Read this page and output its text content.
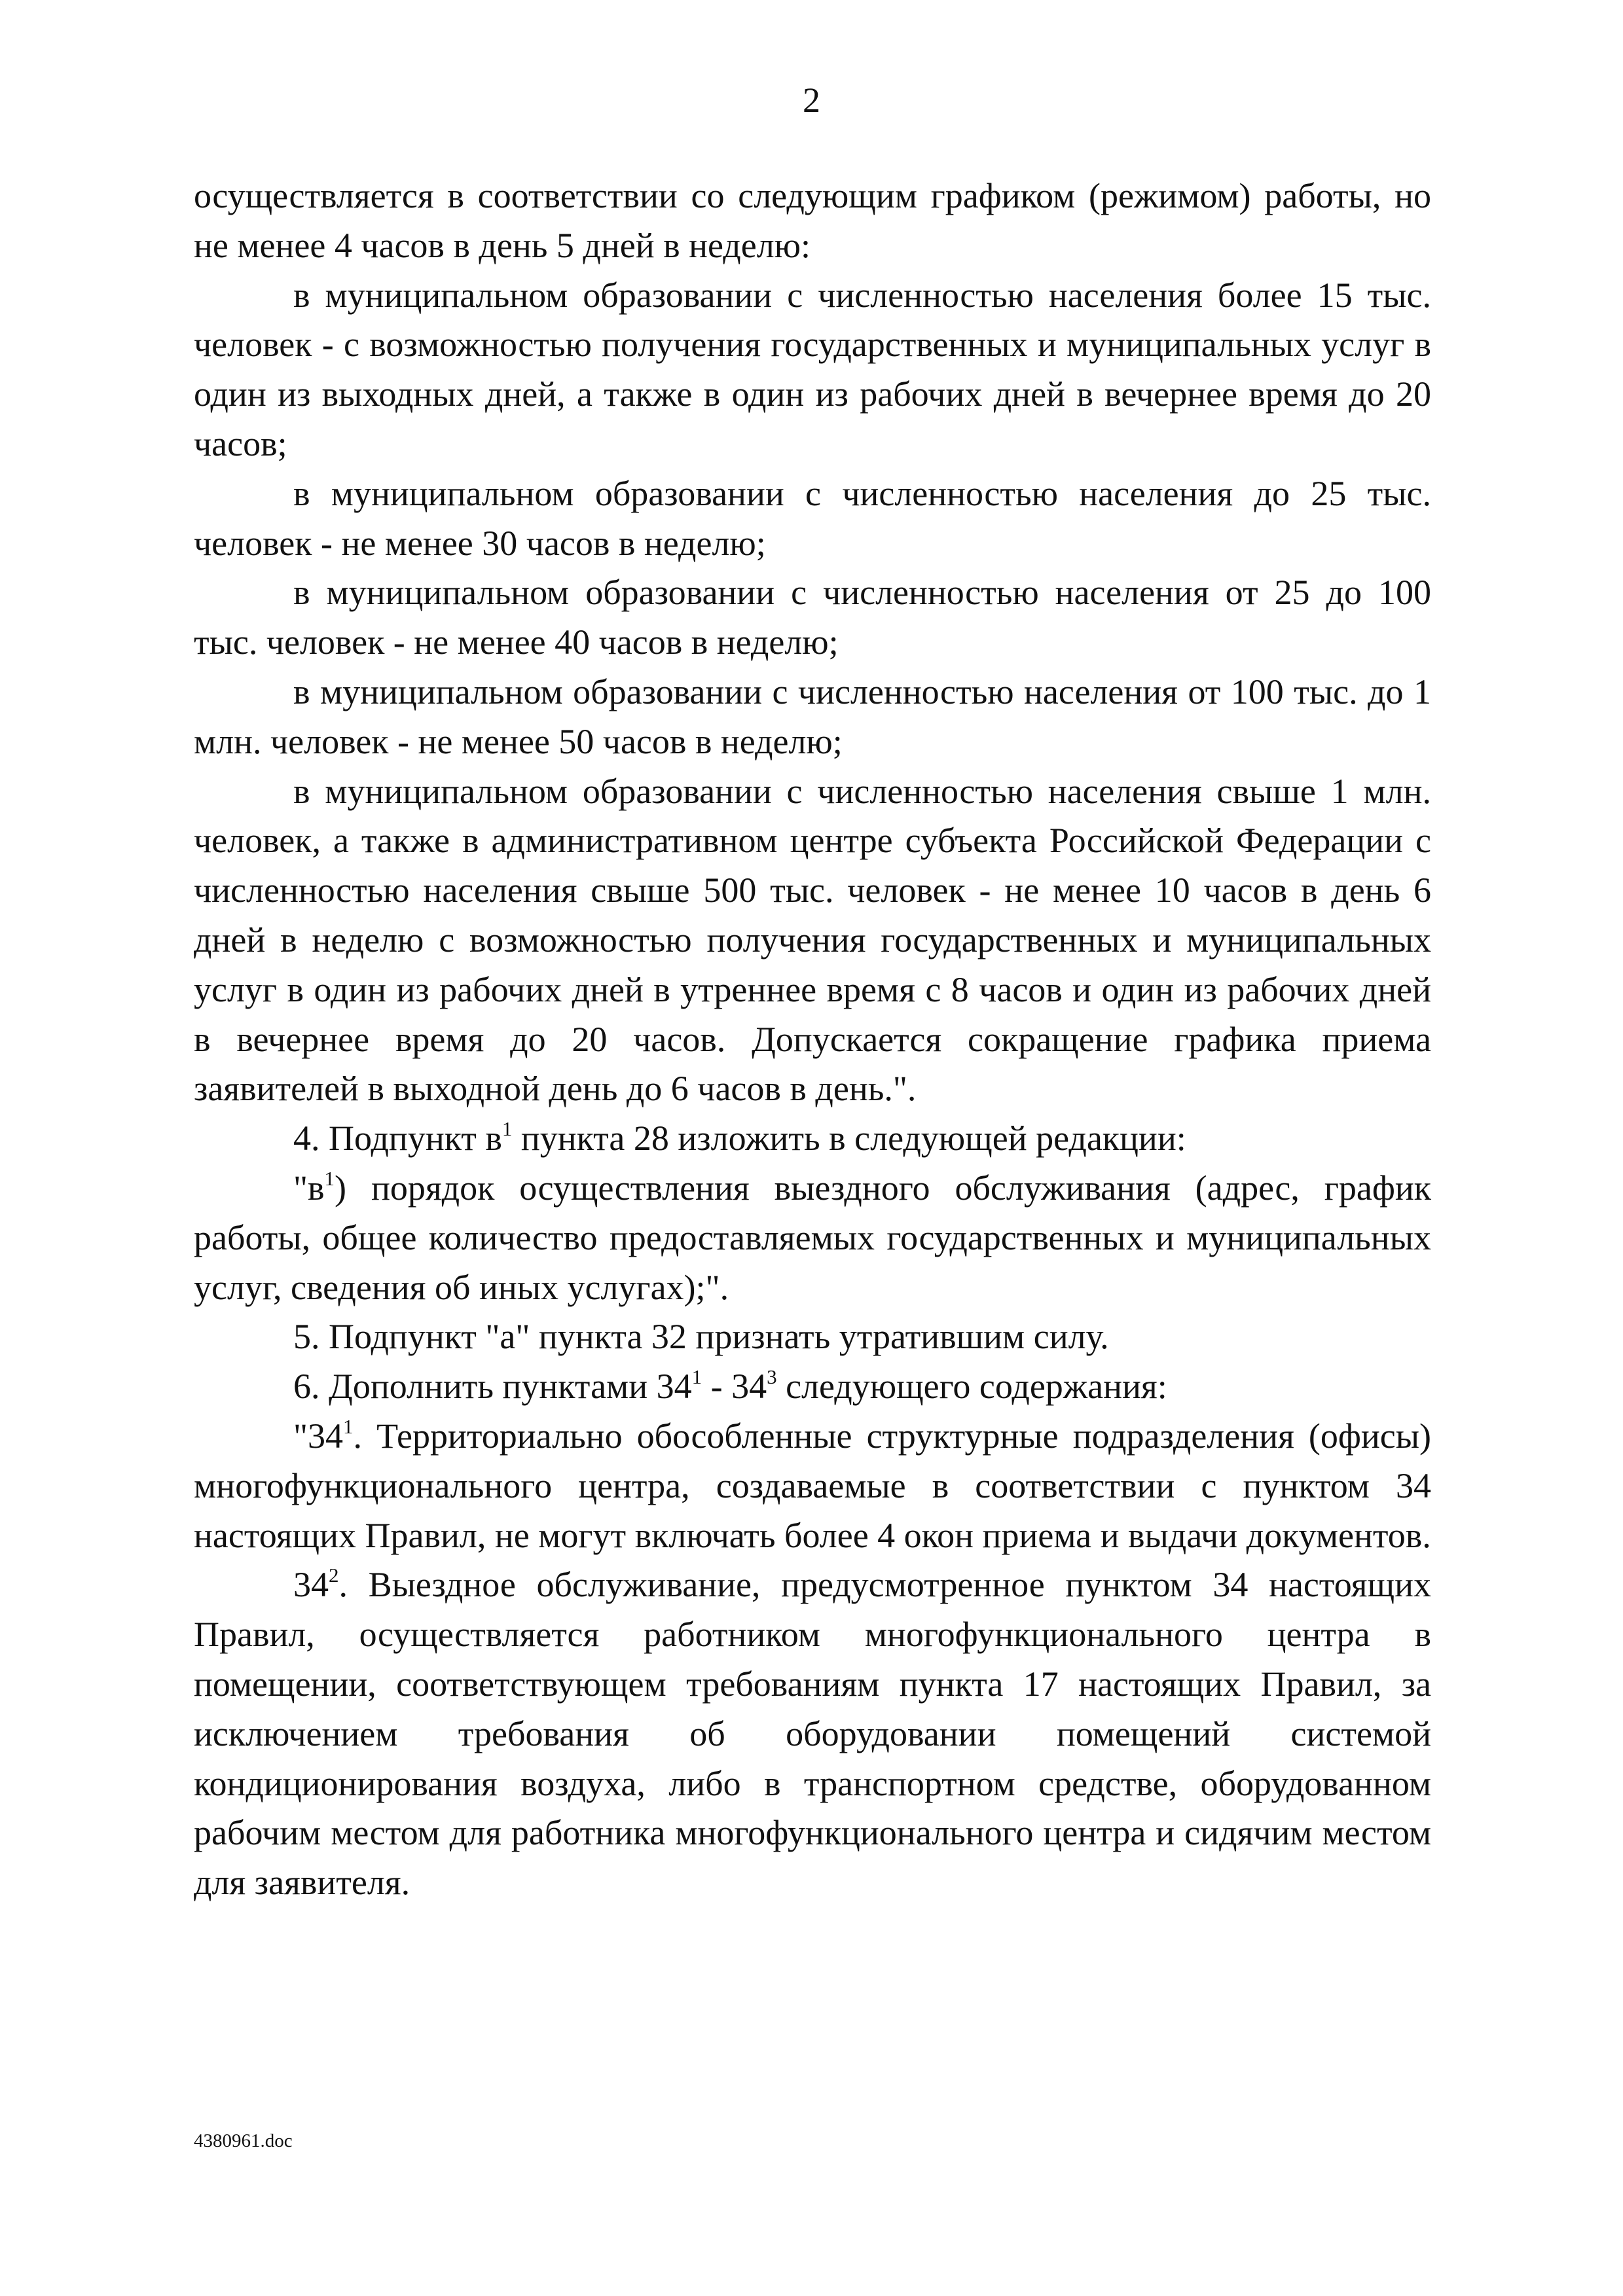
2

осуществляется в соответствии со следующим графиком (режимом) работы, но не менее 4 часов в день 5 дней в неделю:

в муниципальном образовании с численностью населения более 15 тыс. человек - с возможностью получения государственных и муниципальных услуг в один из выходных дней, а также в один из рабочих дней в вечернее время до 20 часов;

в муниципальном образовании с численностью населения до 25 тыс. человек - не менее 30 часов в неделю;

в муниципальном образовании с численностью населения от 25 до 100 тыс. человек - не менее 40 часов в неделю;

в муниципальном образовании с численностью населения от 100 тыс. до 1 млн. человек - не менее 50 часов в неделю;

в муниципальном образовании с численностью населения свыше 1 млн. человек, а также в административном центре субъекта Российской Федерации с численностью населения свыше 500 тыс. человек - не менее 10 часов в день 6 дней в неделю с возможностью получения государственных и муниципальных услуг в один из рабочих дней в утреннее время с 8 часов и один из рабочих дней в вечернее время до 20 часов. Допускается сокращение графика приема заявителей в выходной день до 6 часов в день.".

4. Подпункт $в^1$ пункта 28 изложить в следующей редакции:

"$в^1$) порядок осуществления выездного обслуживания (адрес, график работы, общее количество предоставляемых государственных и муниципальных услуг, сведения об иных услугах);".

5. Подпункт "а" пункта 32 признать утратившим силу.

6. Дополнить пунктами $34^1 - 34^3$ следующего содержания:

"$34^1$. Территориально обособленные структурные подразделения (офисы) многофункционального центра, создаваемые в соответствии с пунктом 34 настоящих Правил, не могут включать более 4 окон приема и выдачи документов.

$34^2$. Выездное обслуживание, предусмотренное пунктом 34 настоящих Правил, осуществляется работником многофункционального центра в помещении, соответствующем требованиям пункта 17 настоящих Правил, за исключением требования об оборудовании помещений системой кондиционирования воздуха, либо в транспортном средстве, оборудованном рабочим местом для работника многофункционального центра и сидячим местом для заявителя.

4380961.doc
